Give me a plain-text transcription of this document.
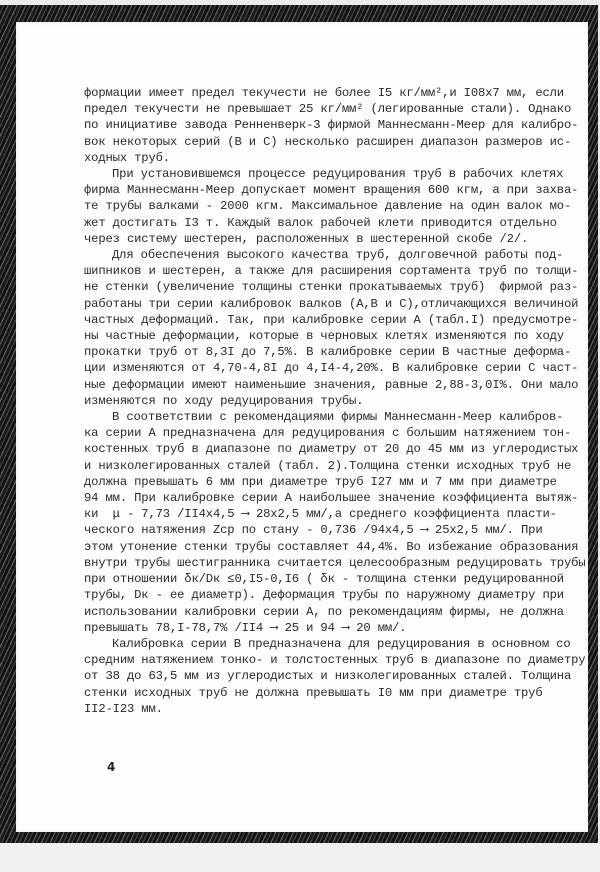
формации имеет предел текучести не более I5 кг/мм²,и I08х7 мм, если
предел текучести не превышает 25 кг/мм² (легированные стали). Однако
по инициативе завода Ренненверк-3 фирмой Маннесманн-Меер для калибро-
вок некоторых серий (В и С) несколько расширен диапазон размеров ис-
ходных труб.

При установившемся процессе редуцирования труб в рабочих клетях
фирма Маннесманн-Меер допускает момент вращения 600 кгм, а при захва-
те трубы валками - 2000 кгм. Максимальное давление на один валок мо-
жет достигать I3 т. Каждый валок рабочей клети приводится отдельно
через систему шестерен, расположенных в шестеренной скобе /2/.

Для обеспечения высокого качества труб, долговечной работы под-
шипников и шестерен, а также для расширения сортамента труб по толщи-
не стенки (увеличение толщины стенки прокатываемых труб)  фирмой раз-
работаны три серии калибровок валков (А,В и С),отличающихся величиной
частных деформаций. Так, при калибровке серии А (табл.I) предусмотре-
ны частные деформации, которые в черновых клетях изменяются по ходу
прокатки труб от 8,3I до 7,5%. В калибровке серии В частные деформа-
ции изменяются от 4,70-4,8I до 4,I4-4,20%. В калибровке серии С част-
ные деформации имеют наименьшие значения, равные 2,88-3,0I%. Они мало
изменяются по ходу редуцирования трубы.

В соответствии с рекомендациями фирмы Маннесманн-Меер калибров-
ка серии А предназначена для редуцирования с большим натяжением тон-
костенных труб в диапазоне по диаметру от 20 до 45 мм из углеродистых
и низколегированных сталей (табл. 2).Толщина стенки исходных труб не
должна превышать 6 мм при диаметре труб I27 мм и 7 мм при диаметре
94 мм. При калибровке серии А наибольшее значение коэффициента вытяж-
ки  μ - 7,73 /II4х4,5 ⟶ 28х2,5 мм/,а среднего коэффициента пласти-
ческого натяжения Zср по стану - 0,736 /94х4,5 ⟶ 25х2,5 мм/. При
этом утонение стенки трубы составляет 44,4%. Во избежание образования
внутри трубы шестигранника считается целесообразным редуцировать трубы
при отношении δк/Dк ≤0,I5-0,I6 ( δк - толщина стенки редуцированной
трубы, Dк - ее диаметр). Деформация трубы по наружному диаметру при
использовании калибровки серии А, по рекомендациям фирмы, не должна
превышать 78,I-78,7% /II4 ⟶ 25 и 94 ⟶ 20 мм/.

Калибровка серии В предназначена для редуцирования в основном со
средним натяжением тонко- и толстостенных труб в диапазоне по диаметру
от 38 до 63,5 мм из углеродистых и низколегированных сталей. Толщина
стенки исходных труб не должна превышать I0 мм при диаметре труб
II2-I23 мм.

4
